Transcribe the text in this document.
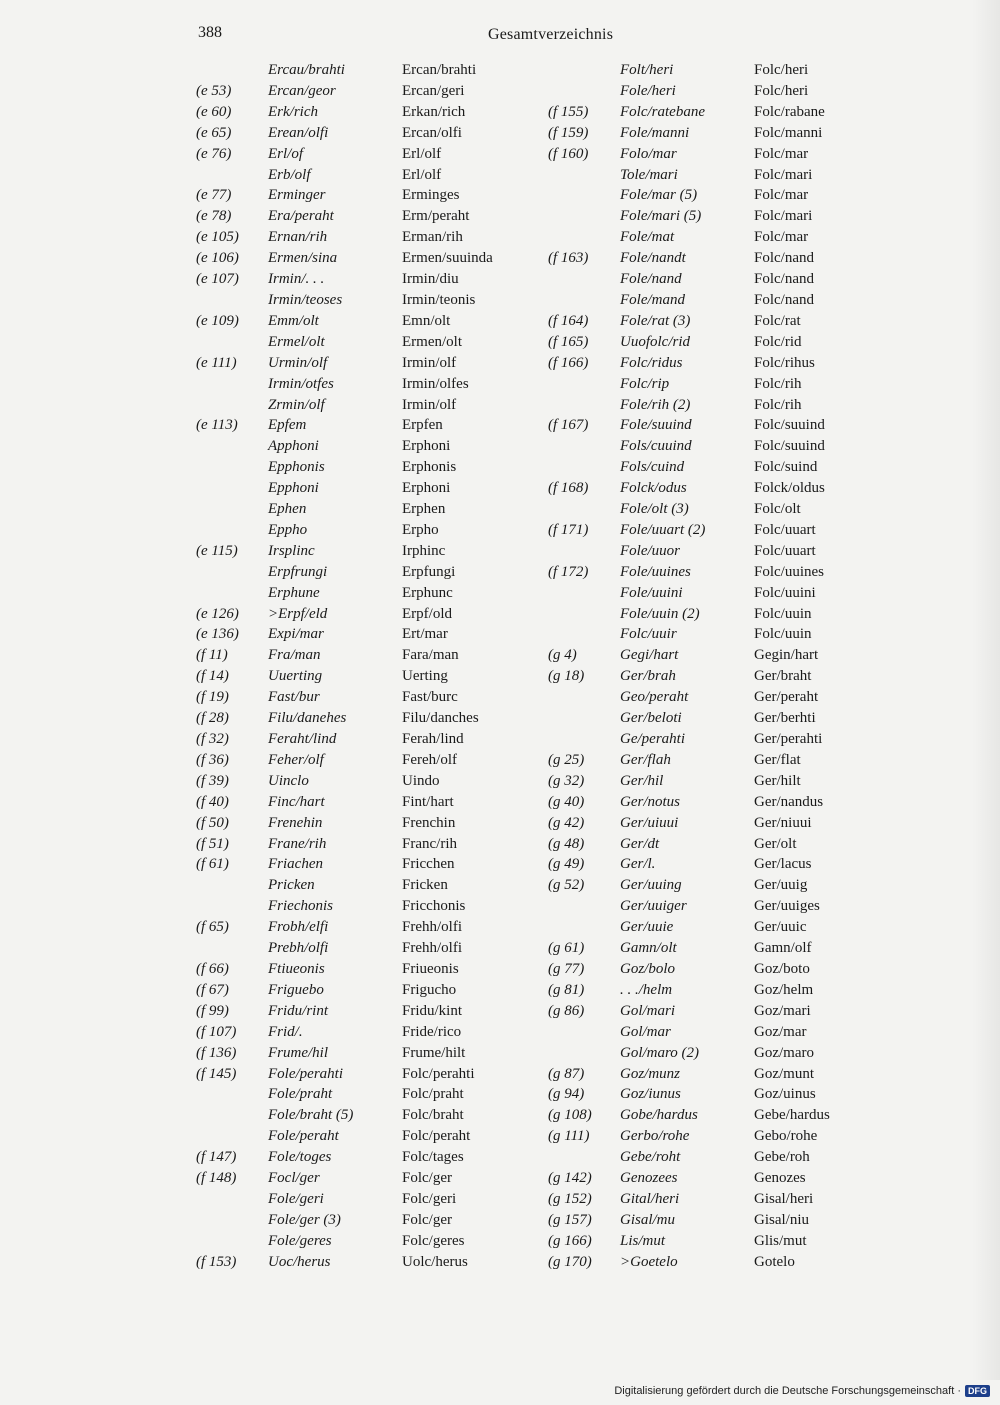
388	Gesamtverzeichnis
Ercau/brahti	Ercan/brahti
(e 53) Ercan/geor	Ercan/geri
(e 60) Erk/rich	Erkan/rich
(e 65) Erean/olfi	Ercan/olfi
(e 76) Erl/of	Erl/olf
Erb/olf	Erl/olf
(e 77) Erminger	Erminges
(e 78) Era/peraht	Erm/peraht
(e 105) Ernan/rih	Erman/rih
(e 106) Ermen/sina	Ermen/suuinda
(e 107) Irmin/. . .	Irmin/diu
Irmin/teoses	Irmin/teonis
(e 109) Emm/olt	Emn/olt
Ermel/olt	Ermen/olt
(e 111) Urmin/olf	Irmin/olf
Irmin/otfes	Irmin/olfes
Zrmin/olf	Irmin/olf
(e 113) Epfem	Erpfen
Apphoni	Erphoni
Epphonis	Erphonis
Epphoni	Erphoni
Ephen	Erphen
Eppho	Erpho
(e 115) Irsplinc	Irphinc
Erpfrungi	Erpfungi
Erphune	Erphunc
(e 126) >Erpf/eld	Erpf/old
(e 136) Expi/mar	Ert/mar
(f 11)	Fra/man	Fara/man
(f 14)	Uuerting	Uerting
(f 19)	Fast/bur	Fast/burc
(f 28)	Filu/danehes	Filu/danches
(f 32)	Feraht/lind	Ferah/lind
(f 36)	Feher/olf	Fereh/olf
(f 39)	Uinclo	Uindo
(f 40)	Finc/hart	Fint/hart
(f 50)	Frenehin	Frenchin
(f 51)	Frane/rih	Franc/rih
(f 61)	Friachen	Fricchen
Pricken	Fricken
Friechonis	Fricchonis
(f 65)	Frobh/elfi	Frehh/olfi
Prebh/olfi	Frehh/olfi
(f 66)	Ftiueonis	Friueonis
(f 67)	Friguebo	Frigucho
(f 99)	Fridu/rint	Fridu/kint
(f 107) Frid/.	Fride/rico
(f 136) Frume/hil	Frume/hilt
(f 145) Fole/perahti	Folc/perahti
Fole/praht	Folc/praht
Fole/braht (5)	Folc/braht
Fole/peraht	Folc/peraht
(f 147) Fole/toges	Folc/tages
(f 148) Focl/ger	Folc/ger
Fole/geri	Folc/geri
Fole/ger (3)	Folc/ger
Fole/geres	Folc/geres
(f 153) Uoc/herus	Uolc/herus
Folt/heri	Folc/heri
Fole/heri	Folc/heri
(f 155) Folc/ratebane	Folc/rabane
(f 159) Fole/manni	Folc/manni
(f 160) Folo/mar	Folc/mar
Tole/mari	Folc/mari
Fole/mar (5)	Folc/mar
Fole/mari (5)	Folc/mari
Fole/mat	Folc/mar
(f 163) Fole/nandt	Folc/nand
Fole/nand	Folc/nand
Fole/mand	Folc/nand
(f 164) Fole/rat (3)	Folc/rat
(f 165) Uuofolc/rid	Folc/rid
(f 166) Folc/ridus	Folc/rihus
Folc/rip	Folc/rih
Fole/rih (2)	Folc/rih
(f 167) Fole/suuind	Folc/suuind
Fols/cuuind	Folc/suuind
Fols/cuind	Folc/suind
(f 168) Folck/odus	Folck/oldus
Fole/olt (3)	Folc/olt
(f 171) Fole/uuart (2)	Folc/uuart
Fole/uuor	Folc/uuart
(f 172) Fole/uuines	Folc/uuines
Fole/uuini	Folc/uuini
Fole/uuin (2)	Folc/uuin
Folc/uuir	Folc/uuin
(g 4)	Gegi/hart	Gegin/hart
(g 18) Ger/brah	Ger/braht
Geo/peraht	Ger/peraht
Ger/beloti	Ger/berhti
Ge/perahti	Ger/perahti
(g 25) Ger/flah	Ger/flat
(g 32) Ger/hil	Ger/hilt
(g 40) Ger/notus	Ger/nandus
(g 42) Ger/uiuui	Ger/niuui
(g 48) Ger/dt	Ger/olt
(g 49) Ger/l.	Ger/lacus
(g 52) Ger/uuing	Ger/uuig
Ger/uuiger	Ger/uuiges
Ger/uuie	Ger/uuic
(g 61) Gamn/olt	Gamn/olf
(g 77) Goz/bolo	Goz/boto
(g 81) . . ./helm	Goz/helm
(g 86) Gol/mari	Goz/mari
Gol/mar	Goz/mar
Gol/maro (2)	Goz/maro
(g 87) Goz/munz	Goz/munt
(g 94) Goz/iunus	Goz/uinus
(g 108) Gobe/hardus	Gebe/hardus
(g 111) Gerbo/rohe	Gebo/rohe
Gebe/roht	Gebe/roh
(g 142) Genozees	Genozes
(g 152) Gital/heri	Gisal/heri
(g 157) Gisal/mu	Gisal/niu
(g 166) Lis/mut	Glis/mut
(g 170) >Goetelo	Gotelo
Digitalisierung gefördert durch die Deutsche Forschungsgemeinschaft · DFG
